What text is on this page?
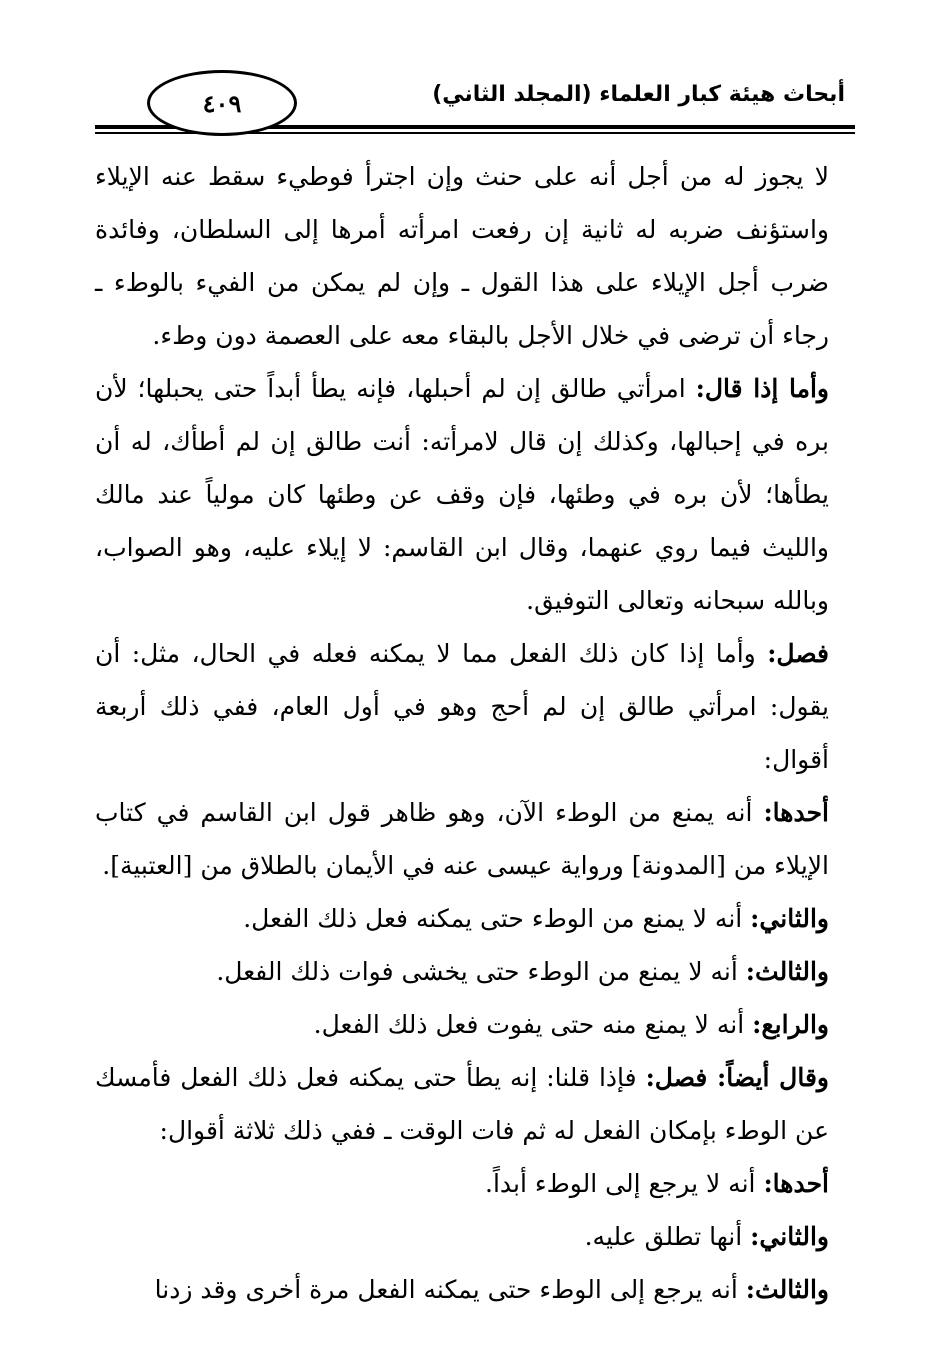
٤٠٩	أبحاث هيئة كبار العلماء (المجلد الثاني)

لا يجوز له من أجل أنه على حنث وإن اجترأ فوطيء سقط عنه الإيلاء واستؤنف ضربه له ثانية إن رفعت امرأته أمرها إلى السلطان، وفائدة ضرب أجل الإيلاء على هذا القول ـ وإن لم يمكن من الفيء بالوطء ـ رجاء أن ترضى في خلال الأجل بالبقاء معه على العصمة دون وطء.

وأما إذا قال: امرأتي طالق إن لم أحبلها، فإنه يطأ أبداً حتى يحبلها؛ لأن بره في إحبالها، وكذلك إن قال لامرأته: أنت طالق إن لم أطأك، له أن يطأها؛ لأن بره في وطئها، فإن وقف عن وطئها كان مولياً عند مالك والليث فيما روي عنهما، وقال ابن القاسم: لا إيلاء عليه، وهو الصواب، وبالله سبحانه وتعالى التوفيق.

فصل: وأما إذا كان ذلك الفعل مما لا يمكنه فعله في الحال، مثل: أن يقول: امرأتي طالق إن لم أحج وهو في أول العام، ففي ذلك أربعة أقوال:

أحدها: أنه يمنع من الوطء الآن، وهو ظاهر قول ابن القاسم في كتاب الإيلاء من [المدونة] ورواية عيسى عنه في الأيمان بالطلاق من [العتبية].

والثاني: أنه لا يمنع من الوطء حتى يمكنه فعل ذلك الفعل.

والثالث: أنه لا يمنع من الوطء حتى يخشى فوات ذلك الفعل.

والرابع: أنه لا يمنع منه حتى يفوت فعل ذلك الفعل.

وقال أيضاً: فصل: فإذا قلنا: إنه يطأ حتى يمكنه فعل ذلك الفعل فأمسك عن الوطء بإمكان الفعل له ثم فات الوقت ـ ففي ذلك ثلاثة أقوال:

أحدها: أنه لا يرجع إلى الوطء أبداً.

والثاني: أنها تطلق عليه.

والثالث: أنه يرجع إلى الوطء حتى يمكنه الفعل مرة أخرى وقد زدنا
